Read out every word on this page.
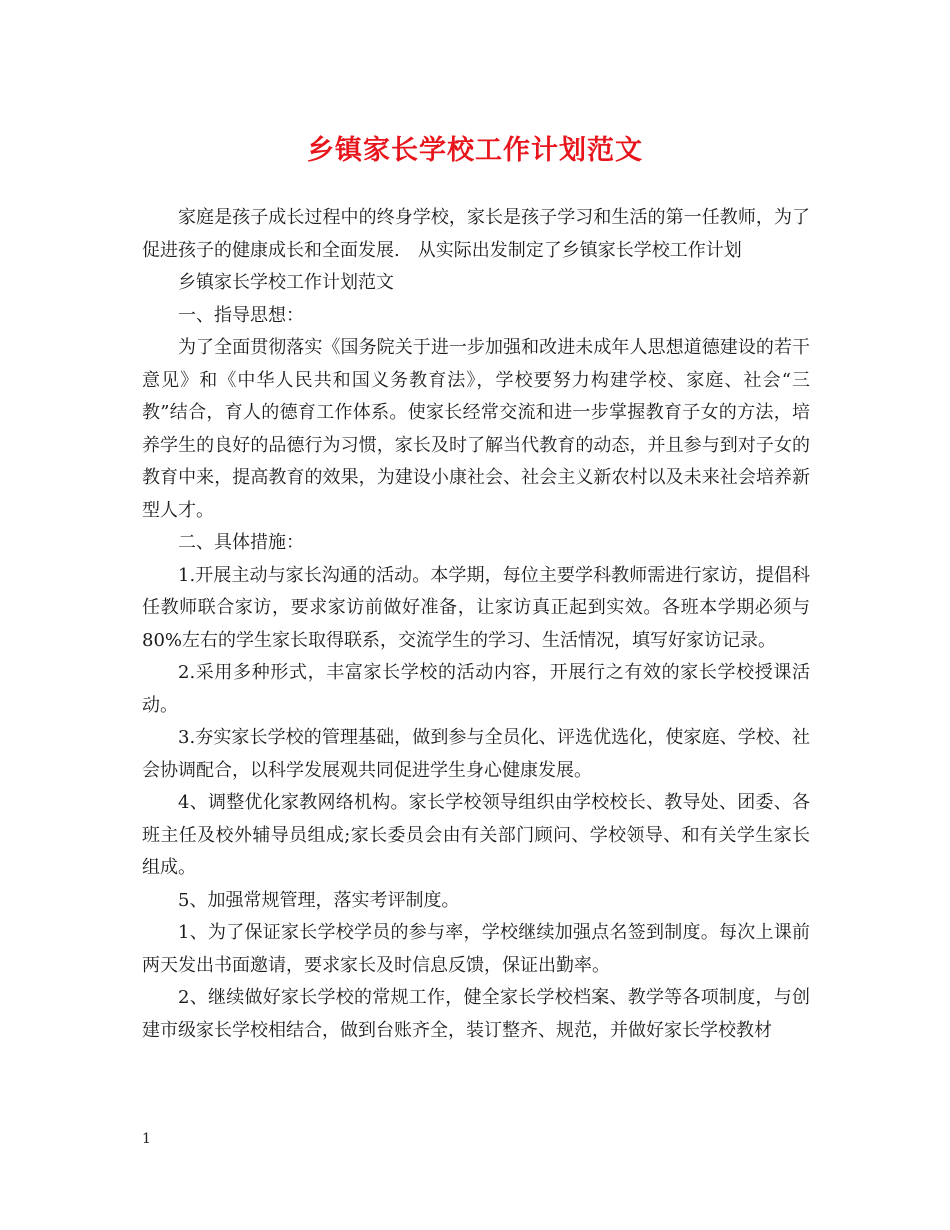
乡镇家长学校工作计划范文

家庭是孩子成长过程中的终身学校，家长是孩子学习和生活的第一任教师，为了促进孩子的健康成长和全面发展.　从实际出发制定了乡镇家长学校工作计划

乡镇家长学校工作计划范文

一、指导思想：

为了全面贯彻落实《国务院关于进一步加强和改进未成年人思想道德建设的若干意见》和《中华人民共和国义务教育法》，学校要努力构建学校、家庭、社会“三教”结合，育人的德育工作体系。使家长经常交流和进一步掌握教育子女的方法，培养学生的良好的品德行为习惯，家长及时了解当代教育的动态，并且参与到对子女的教育中来，提高教育的效果，为建设小康社会、社会主义新农村以及未来社会培养新型人才。

二、具体措施：

1.开展主动与家长沟通的活动。本学期，每位主要学科教师需进行家访，提倡科任教师联合家访，要求家访前做好准备，让家访真正起到实效。各班本学期必须与80%左右的学生家长取得联系，交流学生的学习、生活情况，填写好家访记录。

2.采用多种形式，丰富家长学校的活动内容，开展行之有效的家长学校授课活动。

3.夯实家长学校的管理基础，做到参与全员化、评选优选化，使家庭、学校、社会协调配合，以科学发展观共同促进学生身心健康发展。

4、调整优化家教网络机构。家长学校领导组织由学校校长、教导处、团委、各班主任及校外辅导员组成;家长委员会由有关部门顾问、学校领导、和有关学生家长组成。

5、加强常规管理，落实考评制度。

1、为了保证家长学校学员的参与率，学校继续加强点名签到制度。每次上课前两天发出书面邀请，要求家长及时信息反馈，保证出勤率。

2、继续做好家长学校的常规工作，健全家长学校档案、教学等各项制度，与创建市级家长学校相结合，做到台账齐全，装订整齐、规范，并做好家长学校教材

1
